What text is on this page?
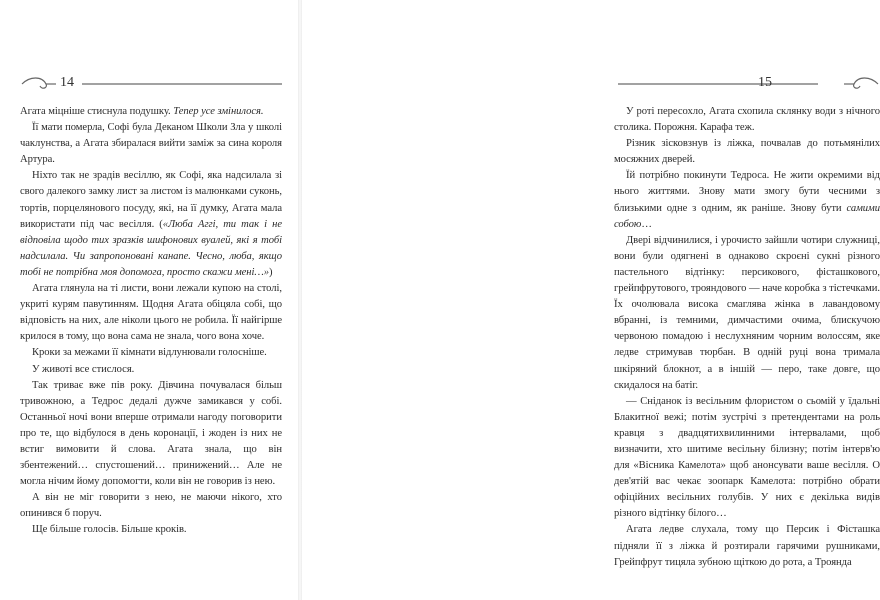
14

Агата міцніше стиснула подушку. Тепер усе змінилося.

Її мати померла, Софі була Деканом Школи Зла у школі чаклунства, а Агата збиралася вийти заміж за сина короля Артура.

Ніхто так не зрадів весіллю, як Софі, яка надсилала зі свого далекого замку лист за листом із малюнками суконь, тортів, порцелянового посуду, які, на її думку, Агата мала використати під час весілля. («Люба Аггі, ти так і не відповіла щодо тих зразків шифонових вуалей, які я тобі надсилала. Чи запропоновані канапе. Чесно, люба, якщо тобі не потрібна моя допомога, просто скажи мені…»)

Агата глянула на ті листи, вони лежали купою на столі, укриті курям павутинням. Щодня Агата обіцяла собі, що відповість на них, але ніколи цього не робила. Її найгірше крилося в тому, що вона сама не знала, чого вона хоче.

Кроки за межами її кімнати відлунювали голосніше.

У животі все стислося.

Так триває вже пів року. Дівчина почувалася більш тривожною, а Тедрос дедалі дужче замикався у собі. Останньої ночі вони вперше отримали нагоду поговорити про те, що відбулося в день коронації, і жоден із них не встиг вимовити й слова. Агата знала, що він збентежений… спустошений… принижений… Але не могла нічим йому допомогти, коли він не говорив із нею.

А він не міг говорити з нею, не маючи нікого, хто опинився б поруч.

Ще більше голосів. Більше кроків.

15

У роті пересохло, Агата схопила склянку води з нічного столика. Порожня. Карафа теж.

Різник зісковзнув із ліжка, почвалав до потьмянілих мосяжних дверей.

Їй потрібно покинути Тедроса. Не жити окремими від нього життями. Знову мати змогу бути чесними з близькими одне з одним, як раніше. Знову бути самими собою…

Двері відчинилися, і урочисто зайшли чотири служниці, вони були одягнені в однаково скроєні сукні різного пастельного відтінку: персикового, фісташкового, грейпфрутового, трояндового — наче коробка з тістечками. Їх очолювала висока смаглява жінка в лавандовому вбранні, із темними, димчастими очима, блискучою червоною помадою і неслухняним чорним волоссям, яке ледве стримував тюрбан. В одній руці вона тримала шкіряний блокнот, а в іншій — перо, таке довге, що скидалося на батіг.

— Сніданок із весільним флористом о сьомій у їдальні Блакитної вежі; потім зустрічі з претендентами на роль кравця з двадцятихвилинними інтервалами, щоб визначити, хто шитиме весільну білизну; потім інтерв'ю для «Вісника Камелота» щоб анонсувати ваше весілля. О дев'ятій вас чекає зоопарк Камелота: потрібно обрати офіційних весільних голубів. У них є декілька видів різного відтінку білого…

Агата ледве слухала, тому що Персик і Фісташка підняли її з ліжка й розтирали гарячими рушниками, Грейпфрут тицяла зубною щіткою до рота, а Троянда
